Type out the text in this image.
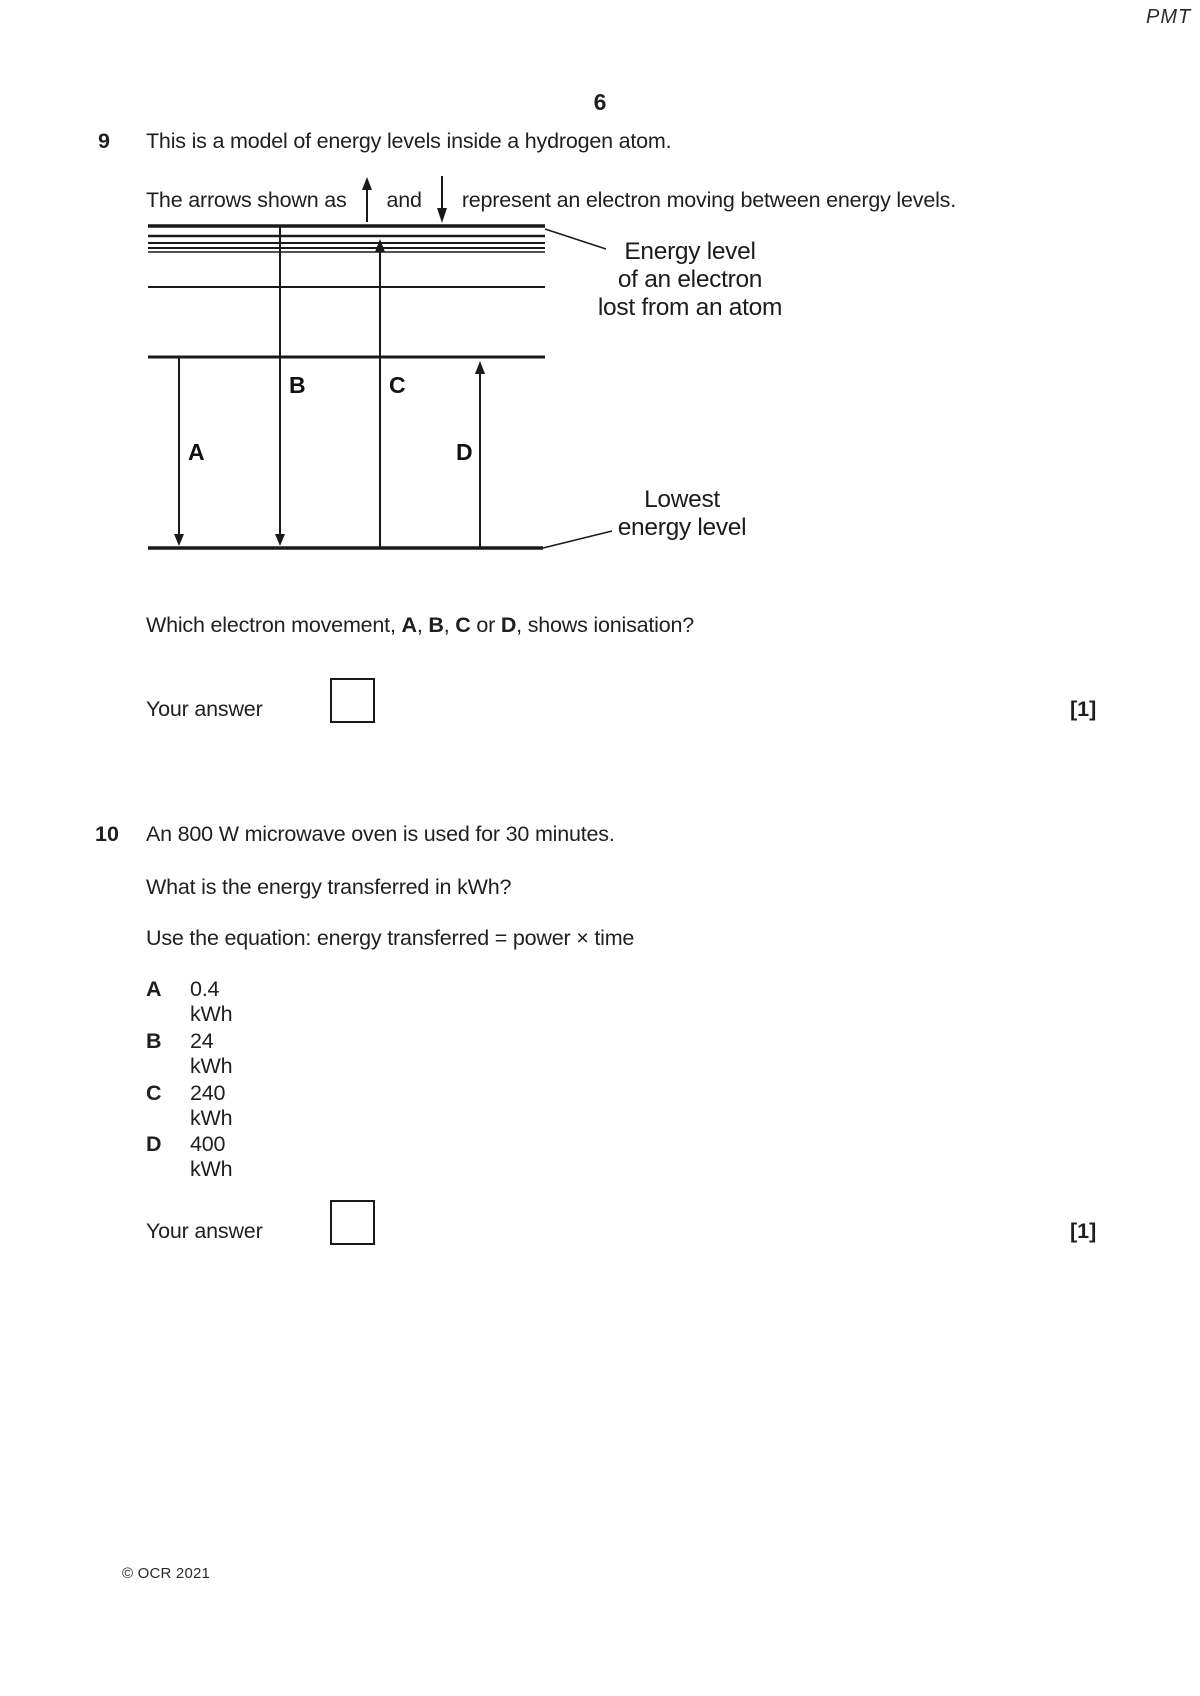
PMT
6
9 This is a model of energy levels inside a hydrogen atom.
The arrows shown as and represent an electron moving between energy levels.
A
B	C
D
Energy level
of an electron
lost from an atom
Lowest
energy level
Which electron movement, A, B, C or D, shows ionisation?
Your answer	[1]
10 An 800 W microwave oven is used for 30 minutes.
What is the energy transferred in kWh?
Use the equation: energy transferred = power × time
A 0.4 kWh
B 24 kWh
C 240 kWh
D 400 kWh
Your answer	[1]
© OCR 2021
